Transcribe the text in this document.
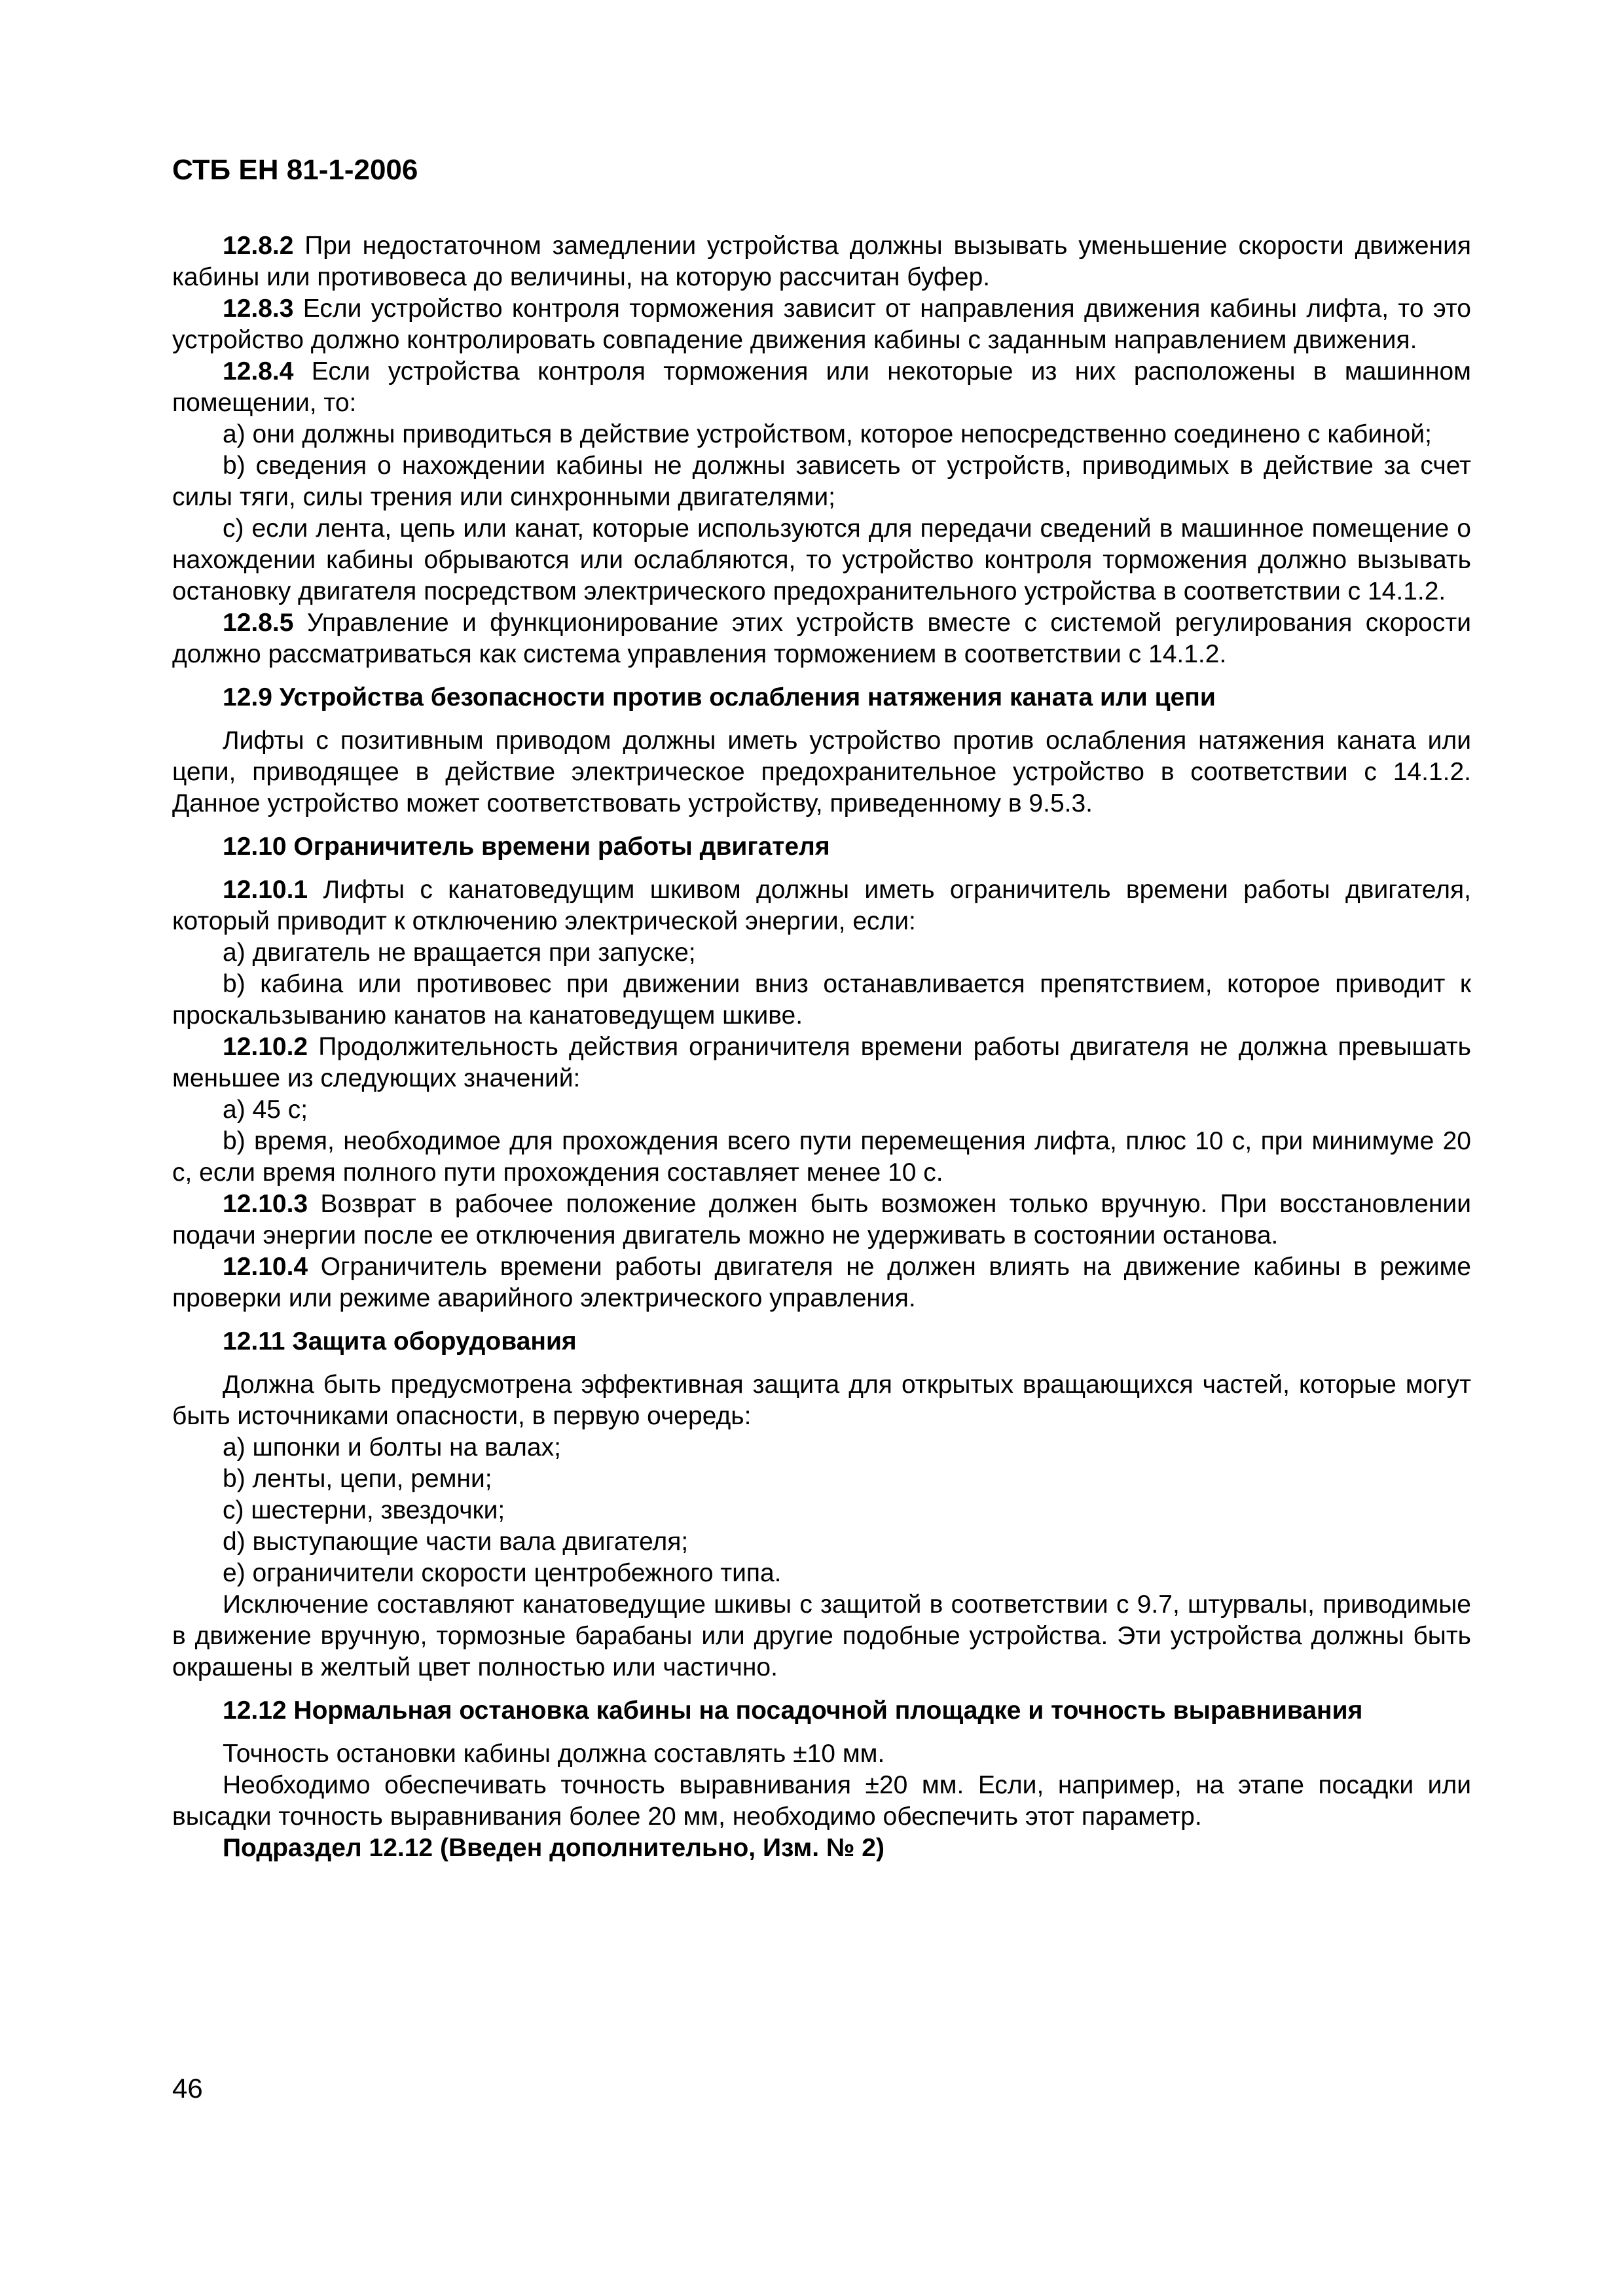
СТБ ЕН 81-1-2006

12.8.2 При недостаточном замедлении устройства должны вызывать уменьшение скорости движения кабины или противовеса до величины, на которую рассчитан буфер.

12.8.3 Если устройство контроля торможения зависит от направления движения кабины лифта, то это устройство должно контролировать совпадение движения кабины с заданным направлением движения.

12.8.4 Если устройства контроля торможения или некоторые из них расположены в машинном помещении, то:

а) они должны приводиться в действие устройством, которое непосредственно соединено с кабиной;

b) сведения о нахождении кабины не должны зависеть от устройств, приводимых в действие за счет силы тяги, силы трения или синхронными двигателями;

c) если лента, цепь или канат, которые используются для передачи сведений в машинное помещение о нахождении кабины обрываются или ослабляются, то устройство контроля торможения должно вызывать остановку двигателя посредством электрического предохранительного устройства в соответствии с 14.1.2.

12.8.5 Управление и функционирование этих устройств вместе с системой регулирования скорости должно рассматриваться как система управления торможением в соответствии с 14.1.2.

12.9 Устройства безопасности против ослабления натяжения каната или цепи

Лифты с позитивным приводом должны иметь устройство против ослабления натяжения каната или цепи, приводящее в действие электрическое предохранительное устройство в соответствии с 14.1.2. Данное устройство может соответствовать устройству, приведенному в 9.5.3.

12.10 Ограничитель времени работы двигателя

12.10.1 Лифты с канатоведущим шкивом должны иметь ограничитель времени работы двигателя, который приводит к отключению электрической энергии, если:

а) двигатель не вращается при запуске;

b) кабина или противовес при движении вниз останавливается препятствием, которое приводит к проскальзыванию канатов на канатоведущем шкиве.

12.10.2 Продолжительность действия ограничителя времени работы двигателя не должна превышать меньшее из следующих значений:

а) 45 с;

b) время, необходимое для прохождения всего пути перемещения лифта, плюс 10 с, при минимуме 20 с, если время полного пути прохождения составляет менее 10 с.

12.10.3 Возврат в рабочее положение должен быть возможен только вручную. При восстановлении подачи энергии после ее отключения двигатель можно не удерживать в состоянии останова.

12.10.4 Ограничитель времени работы двигателя не должен влиять на движение кабины в режиме проверки или режиме аварийного электрического управления.

12.11 Защита оборудования

Должна быть предусмотрена эффективная защита для открытых вращающихся частей, которые могут быть источниками опасности, в первую очередь:

а) шпонки и болты на валах;

b) ленты, цепи, ремни;

c) шестерни, звездочки;

d) выступающие части вала двигателя;

e) ограничители скорости центробежного типа.

Исключение составляют канатоведущие шкивы с защитой в соответствии с 9.7, штурвалы, приводимые в движение вручную, тормозные барабаны или другие подобные устройства. Эти устройства должны быть окрашены в желтый цвет полностью или частично.

12.12 Нормальная остановка кабины на посадочной площадке и точность выравнивания

Точность остановки кабины должна составлять ±10 мм.

Необходимо обеспечивать точность выравнивания ±20 мм. Если, например, на этапе посадки или высадки точность выравнивания более 20 мм, необходимо обеспечить этот параметр.

Подраздел 12.12 (Введен дополнительно, Изм. № 2)

46
